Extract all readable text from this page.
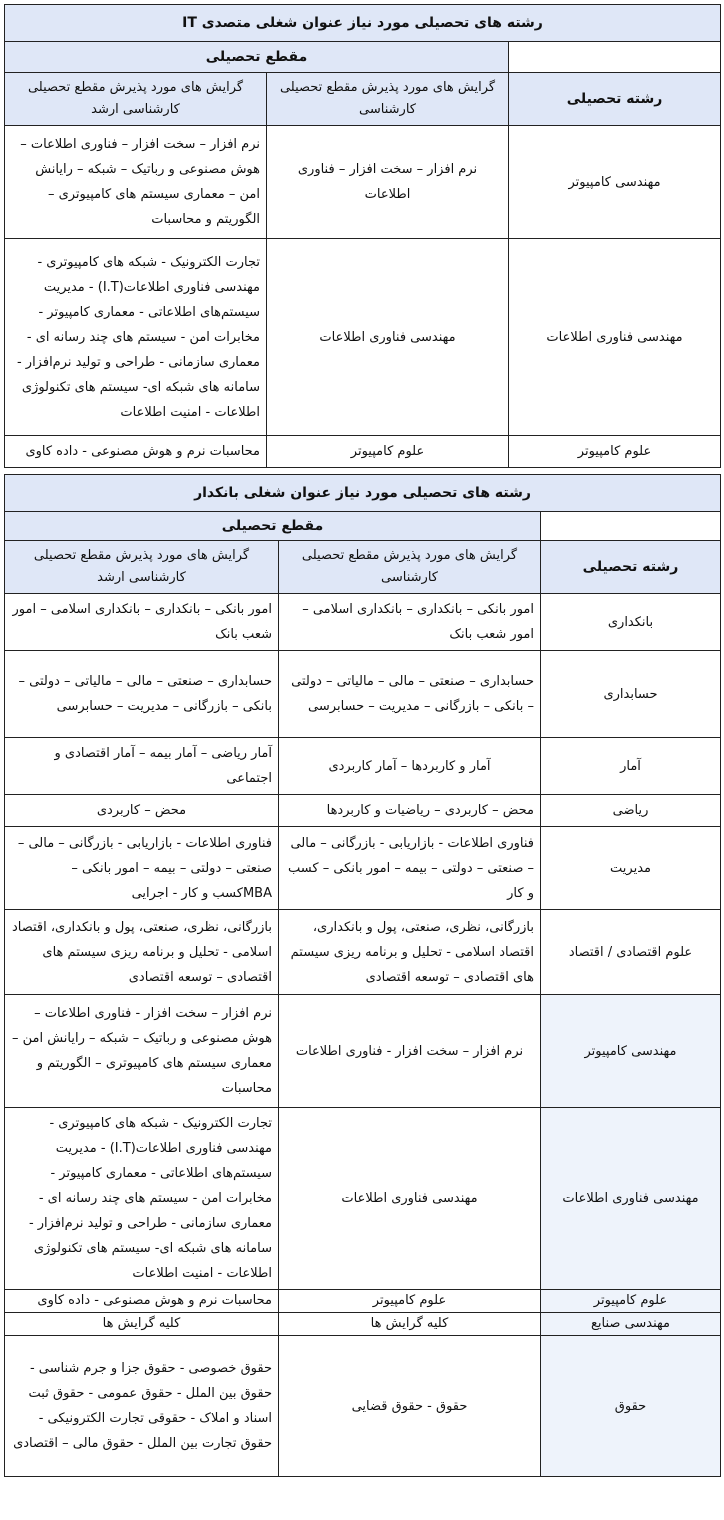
رشته های تحصیلی مورد نیاز عنوان شغلی متصدی IT		
	مقطع تحصیلی	
رشته تحصیلی	گرایش های مورد پذیرش مقطع تحصیلی کارشناسی	گرایش های مورد پذیرش مقطع تحصیلی کارشناسی ارشد
مهندسی کامپیوتر	نرم افزار – سخت افزار – فناوری اطلاعات	نرم افزار – سخت افزار – فناوری اطلاعات – هوش مصنوعی و رباتیک – شبکه – رایانش امن – معماری سیستم های کامپیوتری – الگوریتم و محاسبات
مهندسی فناوری اطلاعات	مهندسی فناوری اطلاعات	تجارت الکترونیک - شبکه های کامپیوتری - مهندسی فناوری اطلاعات(I.T) - مدیریت سیستم‌های اطلاعاتی - معماری کامپیوتر - مخابرات امن - سیستم های چند رسانه ای - معماری سازمانی - طراحی و تولید نرم‌افزار - سامانه های شبکه ای- سیستم های تکنولوژی اطلاعات - امنیت اطلاعات
علوم کامپیوتر	علوم کامپیوتر	محاسبات نرم و هوش مصنوعی - داده کاوی
رشته های تحصیلی مورد نیاز عنوان شغلی بانکدار		
	مقطع تحصیلی	
رشته تحصیلی	گرایش های مورد پذیرش مقطع تحصیلی کارشناسی	گرایش های مورد پذیرش مقطع تحصیلی کارشناسی ارشد
بانکداری	امور بانکی – بانکداری – بانکداری اسلامی – امور شعب بانک	امور بانکی – بانکداری – بانکداری اسلامی – امور شعب بانک
حسابداری	حسابداری – صنعتی – مالی – مالیاتی – دولتی – بانکی – بازرگانی – مدیریت – حسابرسی	حسابداری – صنعتی – مالی – مالیاتی – دولتی – بانکی – بازرگانی – مدیریت – حسابرسی
آمار	آمار و کاربردها – آمار کاربردی	آمار ریاضی – آمار بیمه – آمار اقتصادی و اجتماعی
ریاضی	محض – کاربردی – ریاضیات و کاربردها	محض – کاربردی
مدیریت	فناوری اطلاعات - بازاریابی - بازرگانی – مالی – صنعتی – دولتی – بیمه – امور بانکی – کسب و کار	فناوری اطلاعات - بازاریابی - بازرگانی – مالی – صنعتی – دولتی – بیمه – امور بانکی – MBAکسب و کار - اجرایی
علوم اقتصادی / اقتصاد	بازرگانی، نظری، صنعتی، پول و بانکداری، اقتصاد اسلامی - تحلیل و برنامه ریزی سیستم های اقتصادی – توسعه اقتصادی	بازرگانی، نظری، صنعتی، پول و بانکداری، اقتصاد اسلامی - تحلیل و برنامه ریزی سیستم های اقتصادی – توسعه اقتصادی
مهندسی کامپیوتر	نرم افزار – سخت افزار - فناوری اطلاعات	نرم افزار – سخت افزار - فناوری اطلاعات – هوش مصنوعی و رباتیک – شبکه – رایانش امن – معماری سیستم های کامپیوتری – الگوریتم و محاسبات
مهندسی فناوری اطلاعات	مهندسی فناوری اطلاعات	تجارت الکترونیک - شبکه های کامپیوتری - مهندسی فناوری اطلاعات(I.T) - مدیریت سیستم‌های اطلاعاتی - معماری کامپیوتر - مخابرات امن - سیستم های چند رسانه ای - معماری سازمانی - طراحی و تولید نرم‌افزار - سامانه های شبکه ای- سیستم های تکنولوژی اطلاعات - امنیت اطلاعات
علوم کامپیوتر	علوم کامپیوتر	محاسبات نرم و هوش مصنوعی - داده کاوی
مهندسی صنایع	کلیه گرایش ها	کلیه گرایش ها
حقوق	حقوق - حقوق قضایی	حقوق خصوصی - حقوق جزا و جرم شناسی - حقوق بین الملل - حقوق عمومی - حقوق ثبت اسناد و املاک - حقوقی تجارت الکترونیکی - حقوق تجارت بین الملل - حقوق مالی – اقتصادی
